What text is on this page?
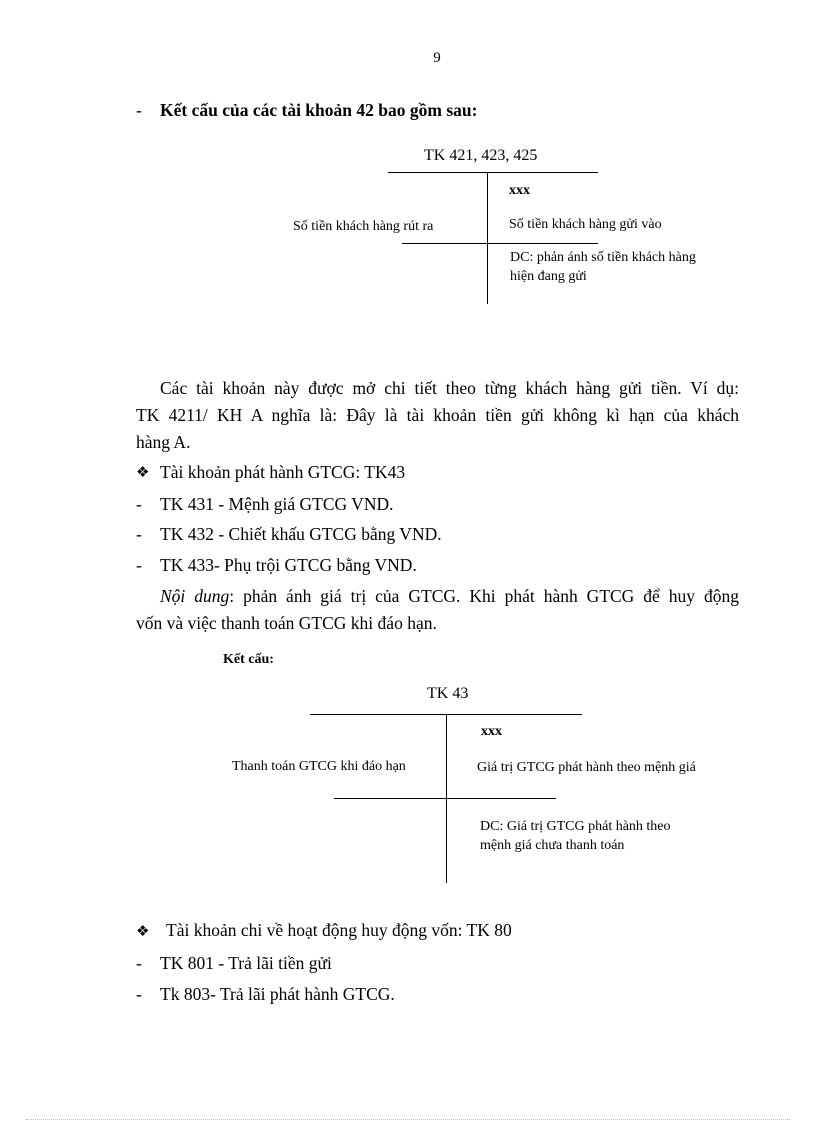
9
- Kết cấu của các tài khoản 42 bao gồm sau:
TK 421, 423, 425
xxx
Số tiền khách hàng rút ra	Số tiền khách hàng gửi vào
DC: phản ánh số tiền khách hàng
hiện đang gửi
Các tài khoản này được mở chi tiết theo từng khách hàng gửi tiền. Ví dụ:
TK 4211/ KH A nghĩa là: Đây là tài khoản tiền gửi không kì hạn của khách
hàng A.
❖ Tài khoản phát hành GTCG: TK43
- TK 431 - Mệnh giá GTCG VND.
- TK 432 - Chiết khấu GTCG bằng VND.
- TK 433- Phụ trội GTCG bằng VND.
Nội dung: phản ánh giá trị của GTCG. Khi phát hành GTCG để huy động
vốn và việc thanh toán GTCG khi đáo hạn.
Kết cấu:
TK 43
xxx
Thanh toán GTCG khi đáo hạn	Giá trị GTCG phát hành theo mệnh giá
DC: Giá trị GTCG phát hành theo
mệnh giá chưa thanh toán
❖ Tài khoản chi về hoạt động huy động vốn: TK 80
- TK 801 - Trả lãi tiền gửi
- Tk 803- Trả lãi phát hành GTCG.
